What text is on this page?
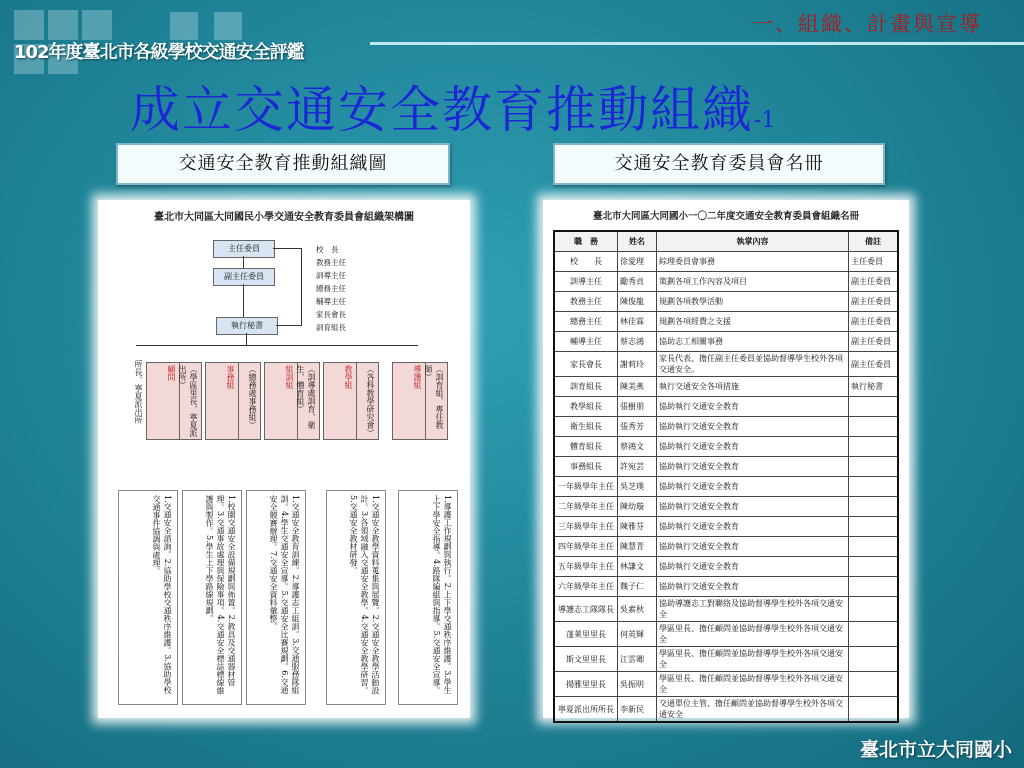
102年度臺北市各級學校交通安全評鑑
一、組織、計畫與宣導
成立交通安全教育推動組織-1
交通安全教育推動組織圖	交通安全教育委員會名冊
臺北市大同區大同國民小學交通安全教育委員會組織架構圖
主任委員
副主任委員
執行秘書
校　長
教務主任
訓導主任
總務主任
輔導主任
家長會長
訓育組長
所長、寧夏派出所	顧問	（學區里長、寧夏派出所）	事務組	（總務處事務組）	組訓組	（訓導處訓育、衛生、體育組）	教學組	（各科教學研究會）	導護組	（訓育組、專任教師）
1.交通安全諮詢。2.協助學校交通秩序維護。3.協助學校交通事件協調與處理。	1.校園交通安全設備規劃與佈置。2.教具及交通器材管理。3.交通事故處理與保險事項。4.交通安全標誌標線維護與製作。5.學生上下學路線規劃。	1.交通安全教育訓練。2.導護志工組訓。3.交通服務隊組訓。4.學生交通安全宣導。5.交通安全比賽規劃。6.交通安全競賽辦理。7.交通安全資料彙整。	1.交通安全教學資料蒐集與展覽。2.交通安全教學活動設計。3.各領域融入交通安全教學。4.交通安全教學研習。5.交通安全教材研發。	1.導護工作規劃與執行。2.上下學交通秩序維護。3.學生上下學安全指導。4.路隊編組與指導。5.交通安全宣導。
臺北市大同區大同國小一〇二年度交通安全教育委員會組織名冊
職　務	姓名	執掌內容	備註
校　　長	徐愛理	綜理委員會事務	主任委員
訓導主任	勵秀貞	策劃各項工作內容及項目	副主任委員
教務主任	陳俊龍	規劃各項教學活動	副主任委員
總務主任	林佳霖	規劃各項經費之支援	副主任委員
輔導主任	蔡志鴻	協助志工相關事務	副主任委員
家長會長	謝莉玲	家長代表、擔任副主任委員並協助督導學生校外各項交通安全。	副主任委員
訓育組長	陳美燕	執行交通安全各項措施	執行秘書
教學組長	張樹朋	協助執行交通安全教育	
衛生組長	張秀芳	協助執行交通安全教育	
體育組長	蔡鴻文	協助執行交通安全教育	
事務組長	許宛芸	協助執行交通安全教育	
一年級學年主任	吳芝璞	協助執行交通安全教育	
二年級學年主任	陳幼璇	協助執行交通安全教育	
三年級學年主任	陳雅芬	協助執行交通安全教育	
四年級學年主任	陳慧青	協助執行交通安全教育	
五年級學年主任	林謙文	協助執行交通安全教育	
六年級學年主任	魏子仁	協助執行交通安全教育	
導護志工隊隊長	吳素秋	協助導護志工對聯絡及協助督導學生校外各項交通安全	
蓬萊里里長	何英輝	學區里長、擔任顧問並協助督導學生校外各項交通安全	
斯文里里長	江雲卿	學區里長、擔任顧問並協助督導學生校外各項交通安全	
揚雅里里長	吳振明	學區里長、擔任顧問並協助督導學生校外各項交通安全	
寧夏派出所所長	李新民	交通單位主管、擔任顧問並協助督導學生校外各項交通安全	
臺北市立大同國小
